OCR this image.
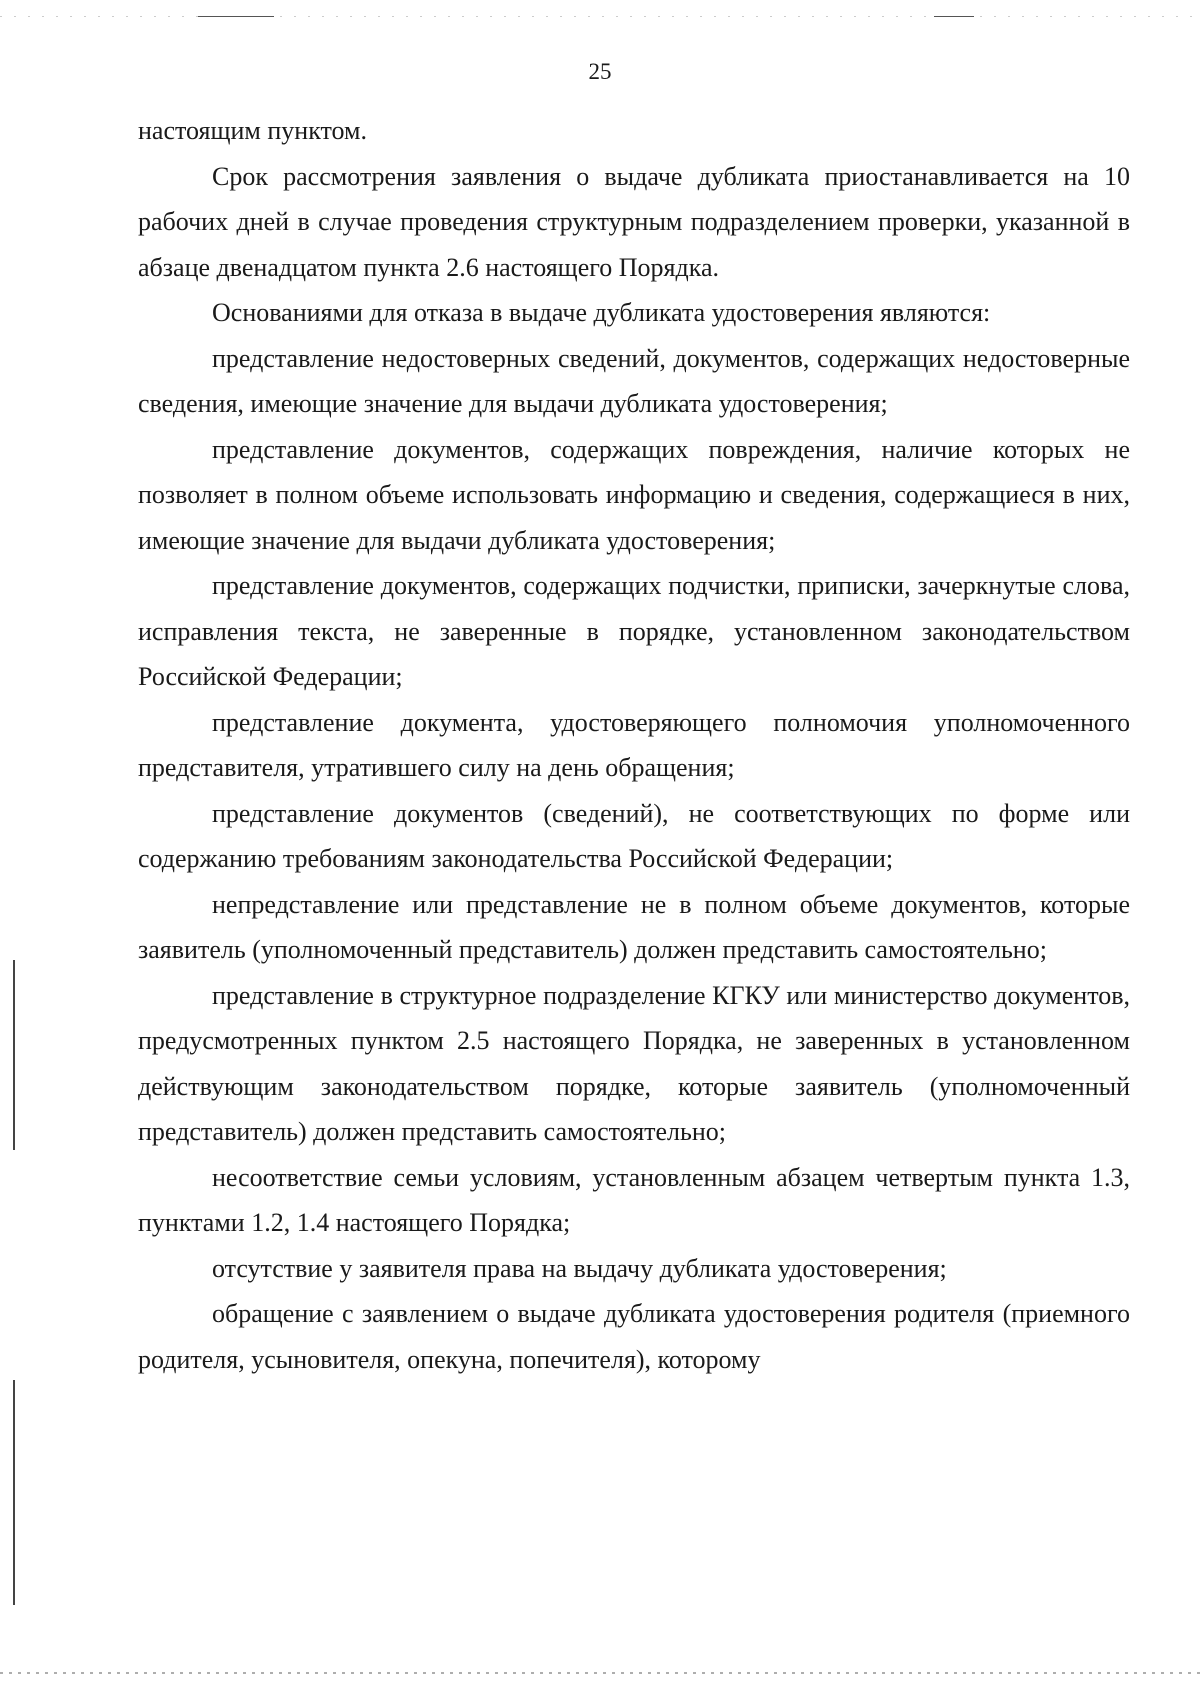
25

настоящим пунктом.

Срок рассмотрения заявления о выдаче дубликата приостанавливается на 10 рабочих дней в случае проведения структурным подразделением проверки, указанной в абзаце двенадцатом пункта 2.6 настоящего Порядка.

Основаниями для отказа в выдаче дубликата удостоверения являются:

представление недостоверных сведений, документов, содержащих недостоверные сведения, имеющие значение для выдачи дубликата удостоверения;

представление документов, содержащих повреждения, наличие которых не позволяет в полном объеме использовать информацию и сведения, содержащиеся в них, имеющие значение для выдачи дубликата удостоверения;

представление документов, содержащих подчистки, приписки, зачеркнутые слова, исправления текста, не заверенные в порядке, установленном законодательством Российской Федерации;

представление документа, удостоверяющего полномочия уполномоченного представителя, утратившего силу на день обращения;

представление документов (сведений), не соответствующих по форме или содержанию требованиям законодательства Российской Федерации;

непредставление или представление не в полном объеме документов, которые заявитель (уполномоченный представитель) должен представить самостоятельно;

представление в структурное подразделение КГКУ или министерство документов, предусмотренных пунктом 2.5 настоящего Порядка, не заверенных в установленном действующим законодательством порядке, которые заявитель (уполномоченный представитель) должен представить самостоятельно;

несоответствие семьи условиям, установленным абзацем четвертым пункта 1.3, пунктами 1.2, 1.4 настоящего Порядка;

отсутствие у заявителя права на выдачу дубликата удостоверения;

обращение с заявлением о выдаче дубликата удостоверения родителя (приемного родителя, усыновителя, опекуна, попечителя), которому
